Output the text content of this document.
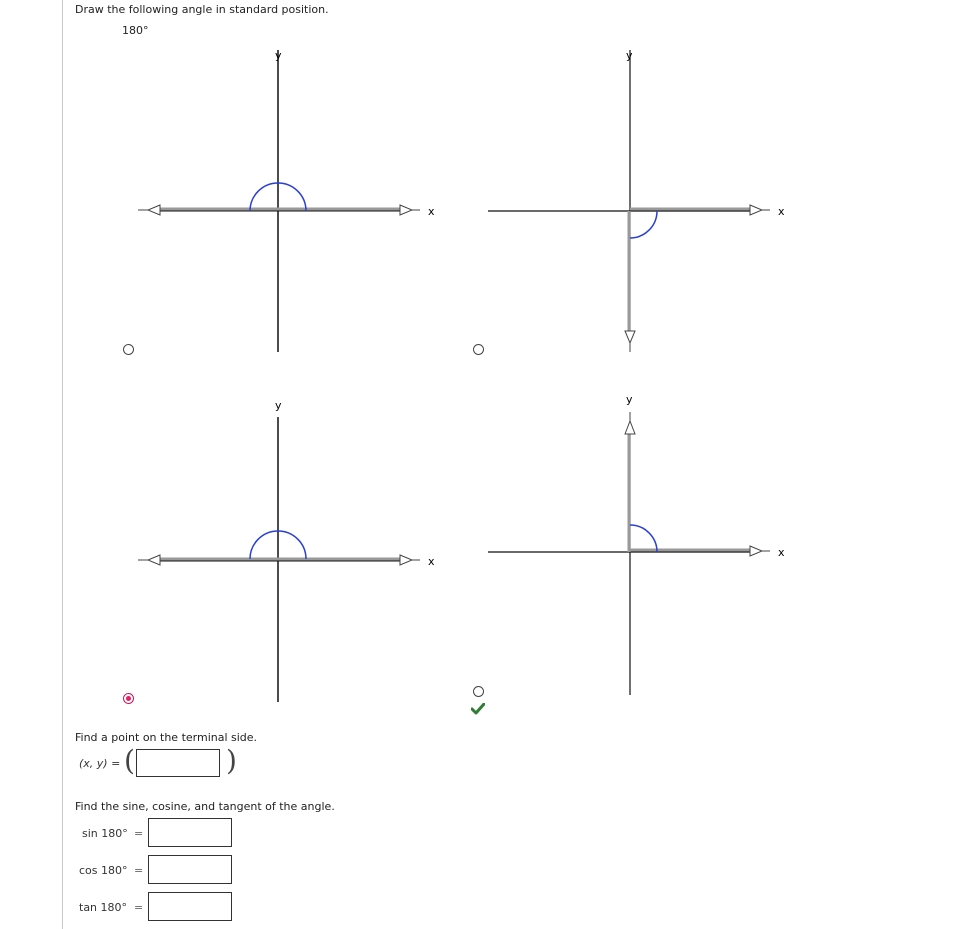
Draw the following angle in standard position.
180°
y
x
y
x
y
x
y
x
Find a point on the terminal side.
(x, y) = (	)
Find the sine, cosine, and tangent of the angle.
sin 180° =
cos 180° =
tan 180° =
